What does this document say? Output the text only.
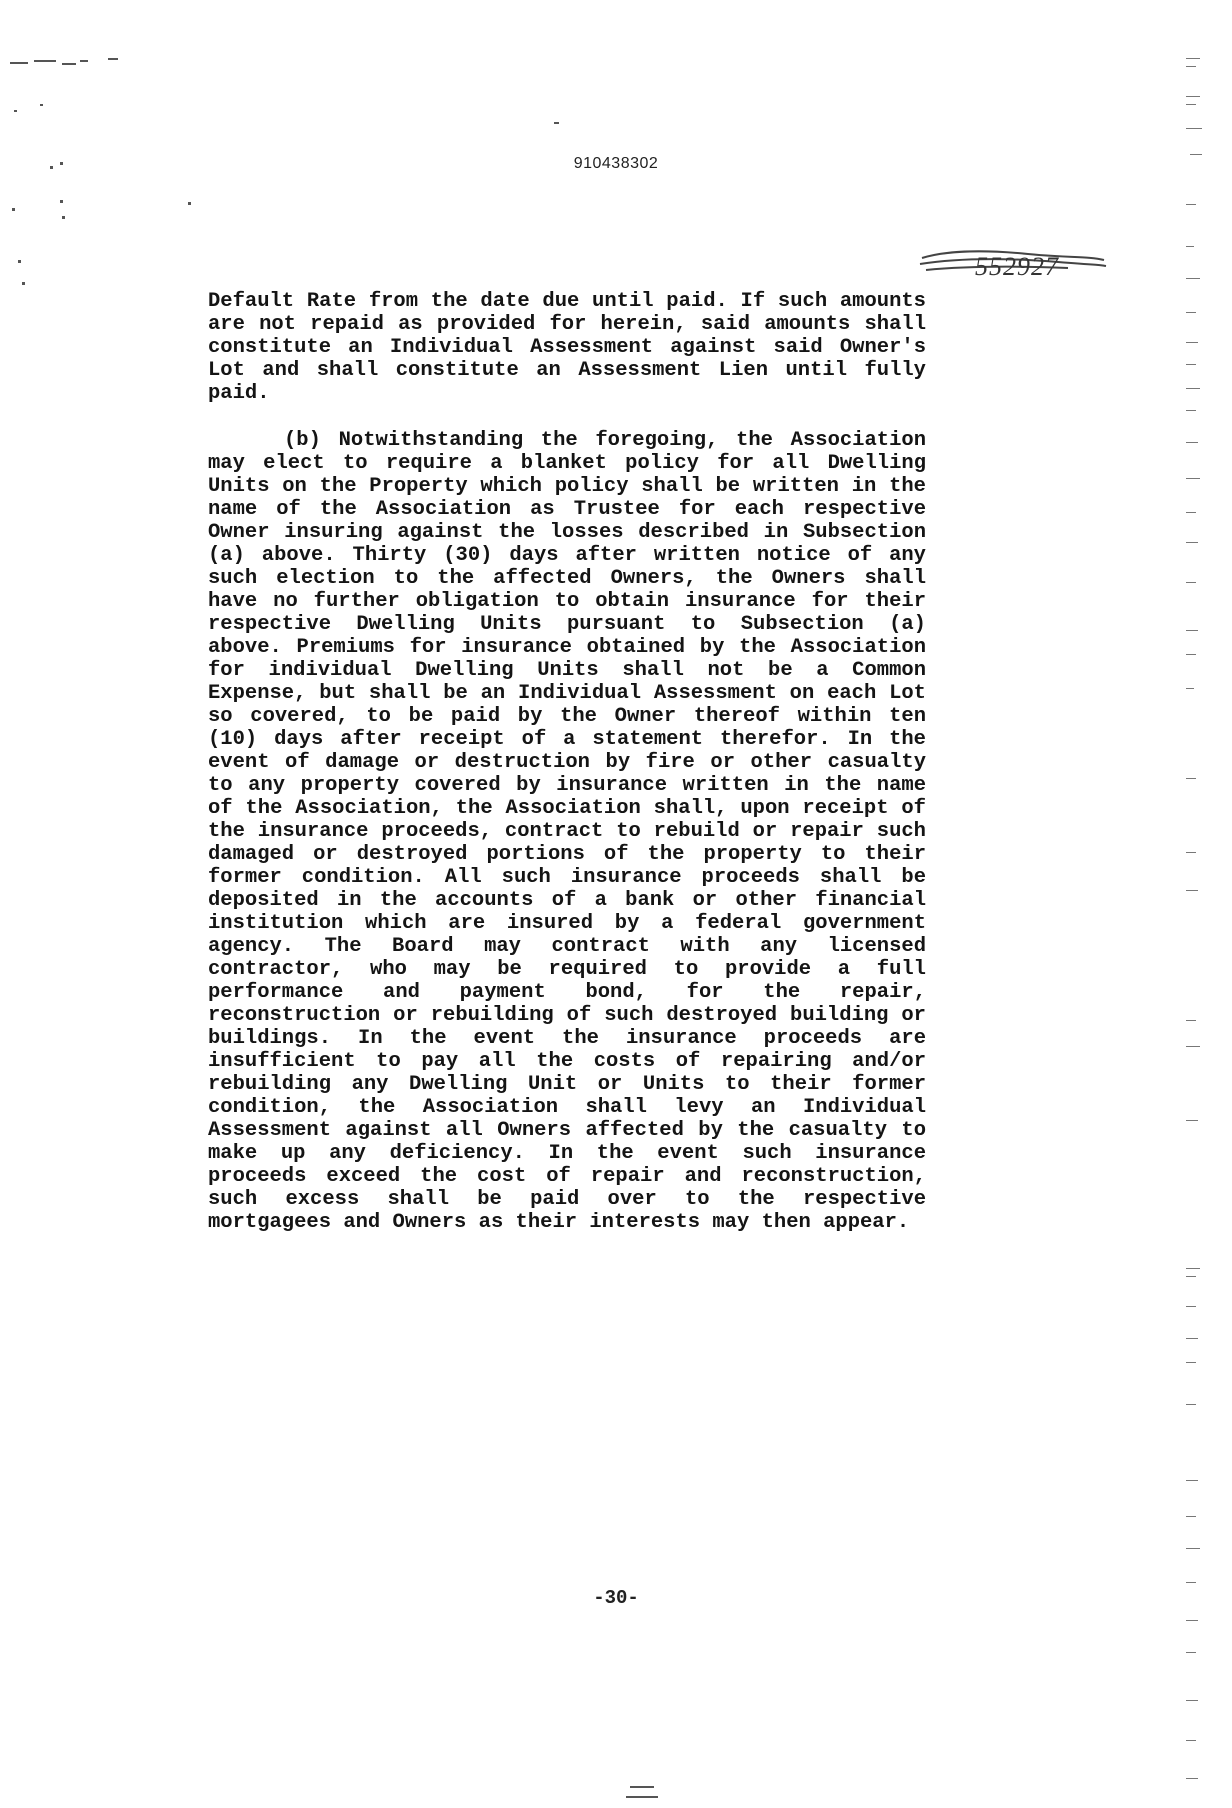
910438302
552927

Default Rate from the date due until paid. If such amounts are not repaid as provided for herein, said amounts shall constitute an Individual Assessment against said Owner's Lot and shall constitute an Assessment Lien until fully paid.

(b) Notwithstanding the foregoing, the Association may elect to require a blanket policy for all Dwelling Units on the Property which policy shall be written in the name of the Association as Trustee for each respective Owner insuring against the losses described in Subsection (a) above. Thirty (30) days after written notice of any such election to the affected Owners, the Owners shall have no further obligation to obtain insurance for their respective Dwelling Units pursuant to Subsection (a) above. Premiums for insurance obtained by the Association for individual Dwelling Units shall not be a Common Expense, but shall be an Individual Assessment on each Lot so covered, to be paid by the Owner thereof within ten (10) days after receipt of a statement therefor. In the event of damage or destruction by fire or other casualty to any property covered by insurance written in the name of the Association, the Association shall, upon receipt of the insurance proceeds, contract to rebuild or repair such damaged or destroyed portions of the property to their former condition. All such insurance proceeds shall be deposited in the accounts of a bank or other financial institution which are insured by a federal government agency. The Board may contract with any licensed contractor, who may be required to provide a full performance and payment bond, for the repair, reconstruction or rebuilding of such destroyed building or buildings. In the event the insurance proceeds are insufficient to pay all the costs of repairing and/or rebuilding any Dwelling Unit or Units to their former condition, the Association shall levy an Individual Assessment against all Owners affected by the casualty to make up any deficiency. In the event such insurance proceeds exceed the cost of repair and reconstruction, such excess shall be paid over to the respective mortgagees and Owners as their interests may then appear.

-30-
